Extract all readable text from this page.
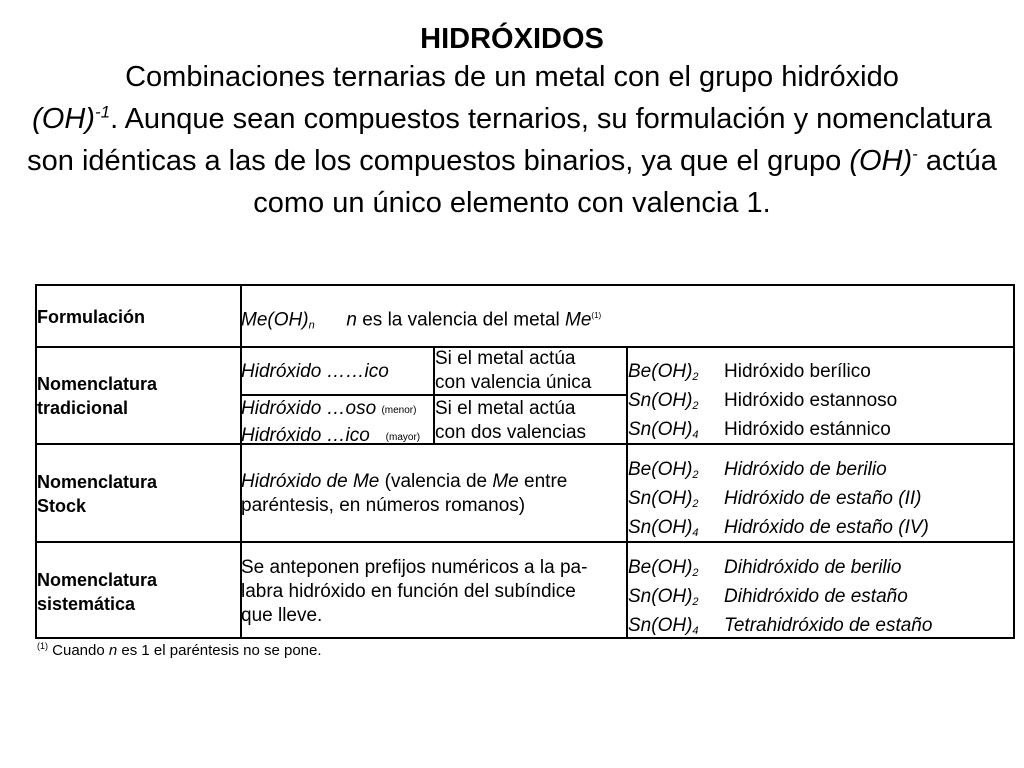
HIDRÓXIDOS
Combinaciones ternarias de un metal con el grupo hidróxido
(OH)$^{-1}$. Aunque sean compuestos ternarios, su formulación y nomenclatura son idénticas a las de los compuestos binarios, ya que el grupo (OH)- actúa como un único elemento con valencia 1.
Formulación	$Me(OH)_n$ n es la valencia del metal Me$^{(1)}$
Nomenclatura
tradicional
Hidróxido ……ico
Si el metal actúa
con valencia única
Hidróxido …oso (menor)
Hidróxido …ico (mayor)
Si el metal actúa
con dos valencias
$Be(OH)_2$ Hidróxido berílico
$Sn(OH)_2$ Hidróxido estannoso
$Sn(OH)_4$ Hidróxido estánnico
Nomenclatura
Stock
Hidróxido de Me (valencia de Me entre
paréntesis, en números romanos)
$Be(OH)_2$ Hidróxido de berilio
$Sn(OH)_2$ Hidróxido de estaño (II)
$Sn(OH)_4$ Hidróxido de estaño (IV)
Nomenclatura
sistemática
Se anteponen prefijos numéricos a la pa-
labra hidróxido en función del subíndice
que lleve.
$Be(OH)_2$ Dihidróxido de berilio
$Sn(OH)_2$ Dihidróxido de estaño
$Sn(OH)_4$ Tetrahidróxido de estaño
$^{(1)}$ Cuando n es 1 el paréntesis no se pone.
